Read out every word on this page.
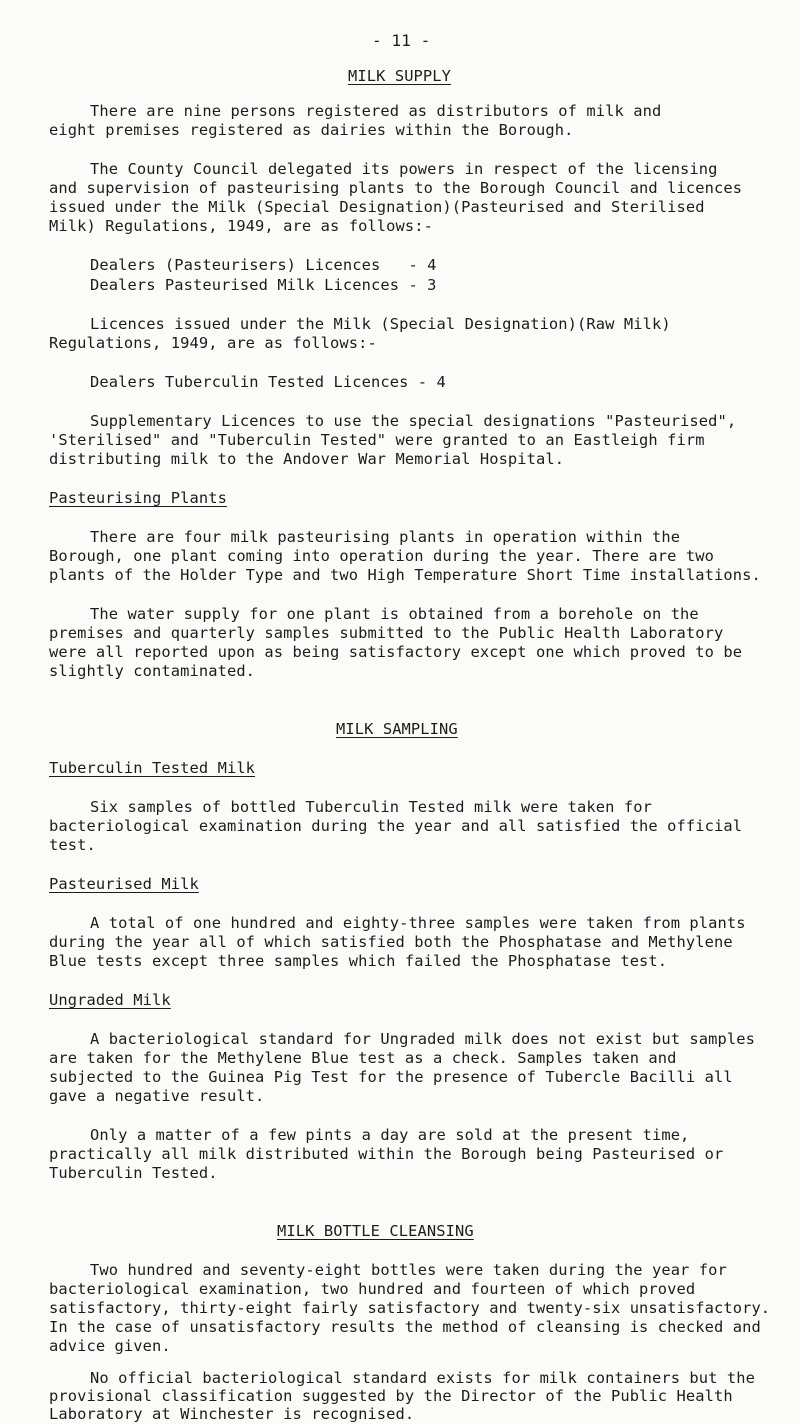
- 11 -
MILK SUPPLY
There are nine persons registered as distributors of milk and
eight premises registered as dairies within the Borough.
The County Council delegated its powers in respect of the licensing
and supervision of pasteurising plants to the Borough Council and licences
issued under the Milk (Special Designation)(Pasteurised and Sterilised
Milk) Regulations, 1949, are as follows:-
Dealers (Pasteurisers) Licences   - 4
Dealers Pasteurised Milk Licences - 3
Licences issued under the Milk (Special Designation)(Raw Milk)
Regulations, 1949, are as follows:-
Dealers Tuberculin Tested Licences - 4
Supplementary Licences to use the special designations "Pasteurised",
'Sterilised" and "Tuberculin Tested" were granted to an Eastleigh firm
distributing milk to the Andover War Memorial Hospital.
Pasteurising Plants
There are four milk pasteurising plants in operation within the
Borough, one plant coming into operation during the year. There are two
plants of the Holder Type and two High Temperature Short Time installations.
The water supply for one plant is obtained from a borehole on the
premises and quarterly samples submitted to the Public Health Laboratory
were all reported upon as being satisfactory except one which proved to be
slightly contaminated.
MILK SAMPLING
Tuberculin Tested Milk
Six samples of bottled Tuberculin Tested milk were taken for
bacteriological examination during the year and all satisfied the official
test.
Pasteurised Milk
A total of one hundred and eighty-three samples were taken from plants
during the year all of which satisfied both the Phosphatase and Methylene
Blue tests except three samples which failed the Phosphatase test.
Ungraded Milk
A bacteriological standard for Ungraded milk does not exist but samples
are taken for the Methylene Blue test as a check. Samples taken and
subjected to the Guinea Pig Test for the presence of Tubercle Bacilli all
gave a negative result.
Only a matter of a few pints a day are sold at the present time,
practically all milk distributed within the Borough being Pasteurised or
Tuberculin Tested.
MILK BOTTLE CLEANSING
Two hundred and seventy-eight bottles were taken during the year for
bacteriological examination, two hundred and fourteen of which proved
satisfactory, thirty-eight fairly satisfactory and twenty-six unsatisfactory.
In the case of unsatisfactory results the method of cleansing is checked and
advice given.
No official bacteriological standard exists for milk containers but the
provisional classification suggested by the Director of the Public Health
Laboratory at Winchester is recognised.
